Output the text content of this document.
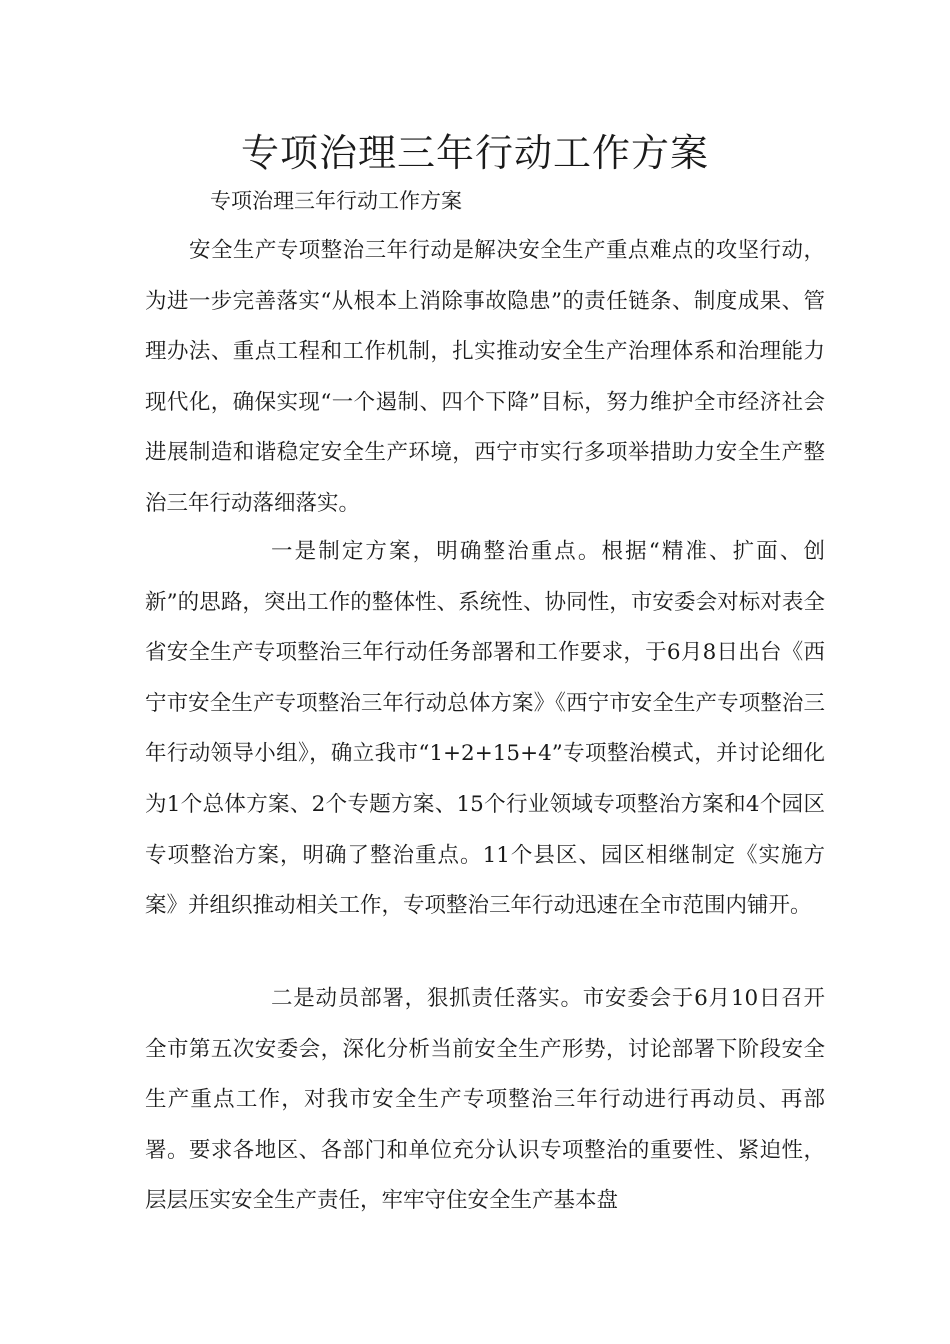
专项治理三年行动工作方案

专项治理三年行动工作方案

安全生产专项整治三年行动是解决安全生产重点难点的攻坚行动，为进一步完善落实“从根本上消除事故隐患”的责任链条、制度成果、管理办法、重点工程和工作机制，扎实推动安全生产治理体系和治理能力现代化，确保实现“一个遏制、四个下降”目标，努力维护全市经济社会进展制造和谐稳定安全生产环境，西宁市实行多项举措助力安全生产整治三年行动落细落实。

一是制定方案，明确整治重点。根据“精准、扩面、创新”的思路，突出工作的整体性、系统性、协同性，市安委会对标对表全省安全生产专项整治三年行动任务部署和工作要求，于6月8日出台《西宁市安全生产专项整治三年行动总体方案》《西宁市安全生产专项整治三年行动领导小组》，确立我市“1+2+15+4”专项整治模式，并讨论细化为1个总体方案、2个专题方案、15个行业领域专项整治方案和4个园区专项整治方案，明确了整治重点。11个县区、园区相继制定《实施方案》并组织推动相关工作，专项整治三年行动迅速在全市范围内铺开。

二是动员部署，狠抓责任落实。市安委会于6月10日召开全市第五次安委会，深化分析当前安全生产形势，讨论部署下阶段安全生产重点工作，对我市安全生产专项整治三年行动进行再动员、再部署。要求各地区、各部门和单位充分认识专项整治的重要性、紧迫性，层层压实安全生产责任，牢牢守住安全生产基本盘
